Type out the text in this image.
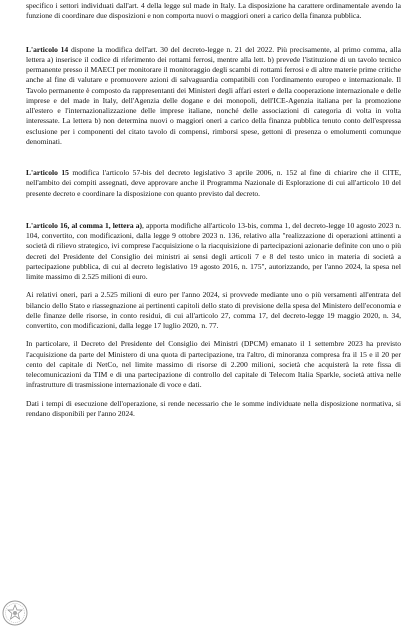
specifico i settori individuati dall'art. 4 della legge sul made in Italy. La disposizione ha carattere ordinamentale avendo la funzione di coordinare due disposizioni e non comporta nuovi o maggiori oneri a carico della finanza pubblica.

L'articolo 14 dispone la modifica dell'art. 30 del decreto-legge n. 21 del 2022. Più precisamente, al primo comma, alla lettera a) inserisce il codice di riferimento dei rottami ferrosi, mentre alla lett. b) prevede l'istituzione di un tavolo tecnico permanente presso il MAECI per monitorare il monitoraggio degli scambi di rottami ferrosi e di altre materie prime critiche anche al fine di valutare e promuovere azioni di salvaguardia compatibili con l'ordinamento europeo e internazionale. Il Tavolo permanente è composto da rappresentanti dei Ministeri degli affari esteri e della cooperazione internazionale e delle imprese e del made in Italy, dell'Agenzia delle dogane e dei monopoli, dell'ICE-Agenzia italiana per la promozione all'estero e l'internazionalizzazione delle imprese italiane, nonché delle associazioni di categoria di volta in volta interessate. La lettera b) non determina nuovi o maggiori oneri a carico della finanza pubblica tenuto conto dell'espressa esclusione per i componenti del citato tavolo di compensi, rimborsi spese, gettoni di presenza o emolumenti comunque denominati.

L'articolo 15 modifica l'articolo 57-bis del decreto legislativo 3 aprile 2006, n. 152 al fine di chiarire che il CITE, nell'ambito dei compiti assegnati, deve approvare anche il Programma Nazionale di Esplorazione di cui all'articolo 10 del presente decreto e coordinare la disposizione con quanto previsto dal decreto.

L'articolo 16, al comma 1, lettera a), apporta modifiche all'articolo 13-bis, comma 1, del decreto-legge 10 agosto 2023 n. 104, convertito, con modificazioni, dalla legge 9 ottobre 2023 n. 136, relativo alla "realizzazione di operazioni attinenti a società di rilievo strategico, ivi comprese l'acquisizione o la riacquisizione di partecipazioni azionarie definite con uno o più decreti del Presidente del Consiglio dei ministri ai sensi degli articoli 7 e 8 del testo unico in materia di società a partecipazione pubblica, di cui al decreto legislativo 19 agosto 2016, n. 175", autorizzando, per l'anno 2024, la spesa nel limite massimo di 2.525 milioni di euro.

Ai relativi oneri, pari a 2.525 milioni di euro per l'anno 2024, si provvede mediante uno o più versamenti all'entrata del bilancio dello Stato e riassegnazione ai pertinenti capitoli dello stato di previsione della spesa del Ministero dell'economia e delle finanze delle risorse, in conto residui, di cui all'articolo 27, comma 17, del decreto-legge 19 maggio 2020, n. 34, convertito, con modificazioni, dalla legge 17 luglio 2020, n. 77.

In particolare, il Decreto del Presidente del Consiglio dei Ministri (DPCM) emanato il 1 settembre 2023 ha previsto l'acquisizione da parte del Ministero di una quota di partecipazione, tra l'altro, di minoranza compresa fra il 15 e il 20 per cento del capitale di NetCo, nel limite massimo di risorse di 2.200 milioni, società che acquisterà la rete fissa di telecomunicazioni da TIM e di una partecipazione di controllo del capitale di Telecom Italia Sparkle, società attiva nelle infrastrutture di trasmissione internazionale di voce e dati.

Dati i tempi di esecuzione dell'operazione, si rende necessario che le somme individuate nella disposizione normativa, si rendano disponibili per l'anno 2024.
